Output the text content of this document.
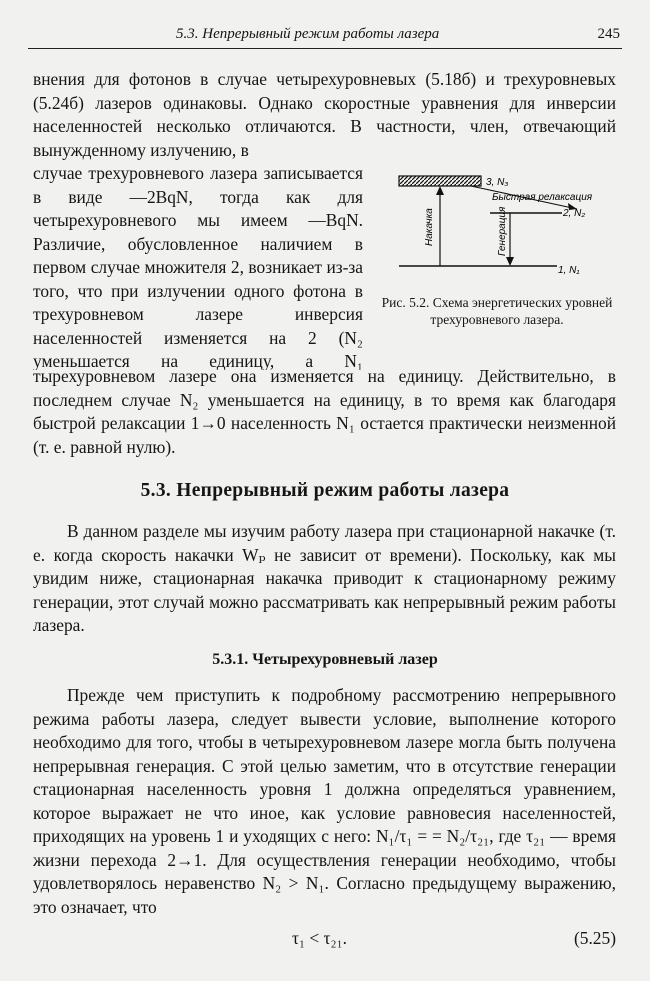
5.3. Непрерывный режим работы лазера	245

внения для фотонов в случае четырехуровневых (5.18б) и трехуровневых (5.24б) лазеров одинаковы. Однако скоростные уравнения для инверсии населенностей несколько отличаются. В частности, член, отвечающий вынужденному излучению, в

случае трехуровневого лазера записывается в виде —2BqN, тогда как для четырехуровневого мы имеем —BqN. Различие, обусловленное наличием в первом случае множителя 2, возникает из-за того, что при излучении одного фотона в трехуровневом лазере инверсия населенностей изменяется на 2 (N₂ уменьшается на единицу, а N₁

тырехуровневом лазере она изменяется на единицу. Действительно, в последнем случае N₂ уменьшается на единицу, в то время как благодаря быстрой релаксации 1→0 населенность N₁ остается практически неизменной (т. е. равной нулю).

3, N₃
Быстрая релаксация
2, N₂
1, N₁
Накачка	Генерация
Рис. 5.2. Схема энергетических уровней трехуровневого лазера.
5.3. Непрерывный режим работы лазера

В данном разделе мы изучим работу лазера при стационарной накачке (т. е. когда скорость накачки Wₚ не зависит от времени). Поскольку, как мы увидим ниже, стационарная накачка приводит к стационарному режиму генерации, этот случай можно рассматривать как непрерывный режим работы лазера.

5.3.1. Четырехуровневый лазер

Прежде чем приступить к подробному рассмотрению непрерывного режима работы лазера, следует вывести условие, выполнение которого необходимо для того, чтобы в четырехуровневом лазере могла быть получена непрерывная генерация. С этой целью заметим, что в отсутствие генерации стационарная населенность уровня 1 должна определяться уравнением, которое выражает не что иное, как условие равновесия населенностей, приходящих на уровень 1 и уходящих с него: N₁/τ₁ = = N₂/τ₂₁, где τ₂₁ — время жизни перехода 2→1. Для осуществления генерации необходимо, чтобы удовлетворялось неравенство N₂ > N₁. Согласно предыдущему выражению, это означает, что

τ₁ < τ₂₁.	(5.25)
